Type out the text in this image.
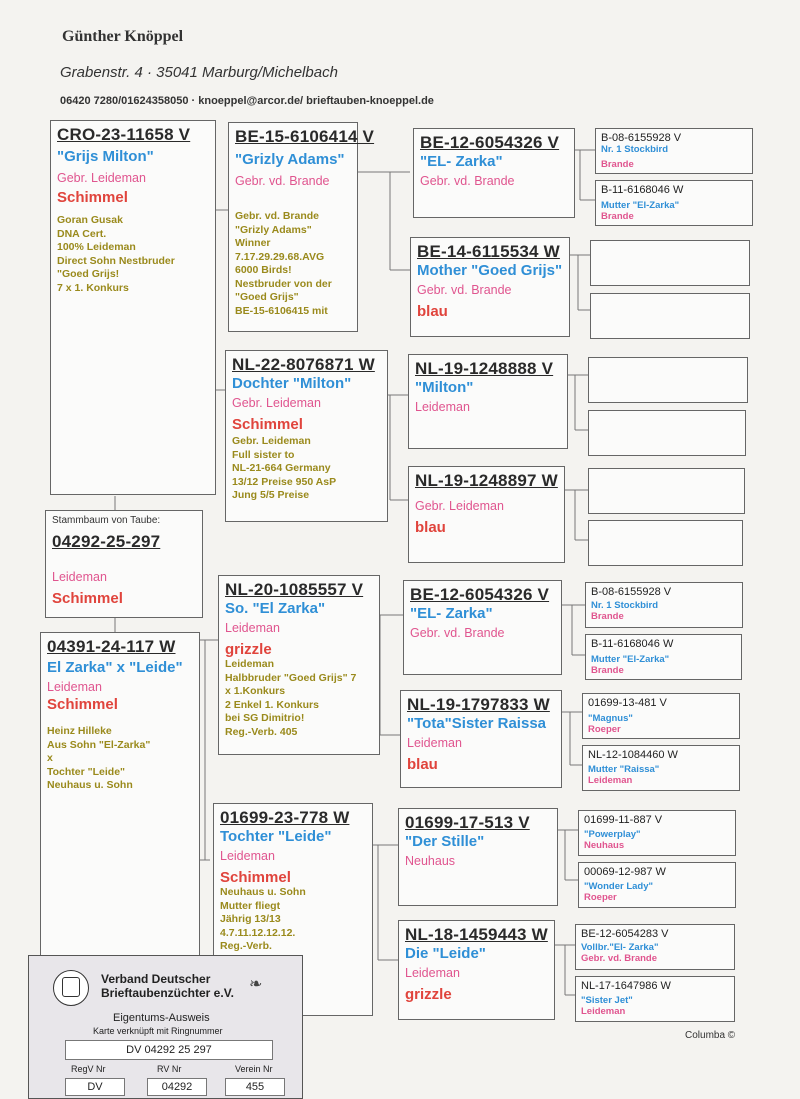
Günther Knöppel
Grabenstr. 4 · 35041 Marburg/Michelbach
06420 7280/01624358050 · knoeppel@arcor.de/ brieftauben-knoeppel.de
CRO-23-11658 V
"Grijs Milton"
Gebr. Leideman
Schimmel
Goran Gusak
DNA Cert.
100% Leideman
Direct Sohn Nestbruder
"Goed Grijs!
7 x 1. Konkurs
Stammbaum von Taube:
04292-25-297
Leideman
Schimmel
04391-24-117 W
El Zarka" x "Leide"
Leideman
Schimmel
Heinz Hilleke
Aus Sohn "El-Zarka"
x
Tochter "Leide"
Neuhaus u. Sohn
BE-15-6106414 V
"Grizly Adams"
Gebr. vd. Brande
Gebr. vd. Brande
"Grizly Adams"
Winner 7.17.29.29.68.AVG
6000 Birds!
Nestbruder von der
"Goed Grijs"
BE-15-6106415 mit
NL-22-8076871 W
Dochter "Milton"
Gebr. Leideman
Schimmel
Gebr. Leideman
Full sister to
NL-21-664 Germany
13/12 Preise 950 AsP
Jung 5/5 Preise
NL-20-1085557 V
So. "El Zarka"
Leideman
grizzle
Leideman
Halbbruder "Goed Grijs" 7
x 1.Konkurs
2 Enkel 1. Konkurs
bei SG Dimitrio!
Reg.-Verb. 405
01699-23-778 W
Tochter "Leide"
Leideman
Schimmel
Neuhaus u. Sohn
Mutter fliegt
Jährig 13/13
4.7.11.12.12.12.
Reg.-Verb.

BE-12-6054326 V
"EL- Zarka"
Gebr. vd. Brande
BE-14-6115534 W
Mother "Goed Grijs"
Gebr. vd. Brande
blau
NL-19-1248888 V
"Milton"
Leideman
NL-19-1248897 W
Gebr. Leideman
blau
BE-12-6054326 V
"EL- Zarka"
Gebr. vd. Brande
NL-19-1797833 W
"Tota"Sister Raissa
Leideman
blau
01699-17-513 V
"Der Stille"
Neuhaus
NL-18-1459443 W
Die "Leide"
Leideman
grizzle
B-08-6155928 V
Nr. 1 Stockbird
Brande
B-11-6168046 W
Mutter "El-Zarka"
Brande
B-08-6155928 V
Nr. 1 Stockbird
Brande
B-11-6168046 W
Mutter "El-Zarka"
Brande
01699-13-481 V
"Magnus"
Roeper
NL-12-1084460 W
Mutter "Raissa"
Leideman
01699-11-887 V
"Powerplay"
Neuhaus
00069-12-987 W
"Wonder Lady"
Roeper
BE-12-6054283 V
Vollbr."El- Zarka"
Gebr. vd. Brande
NL-17-1647986 W
"Sister Jet"
Leideman
Columba ©
❧
Verband Deutscher
Brieftaubenzüchter e.V.
Eigentums-Ausweis
Karte verknüpft mit Ringnummer
DV 04292 25 297
RegV Nr	RV Nr	Verein Nr
DV	04292	455
